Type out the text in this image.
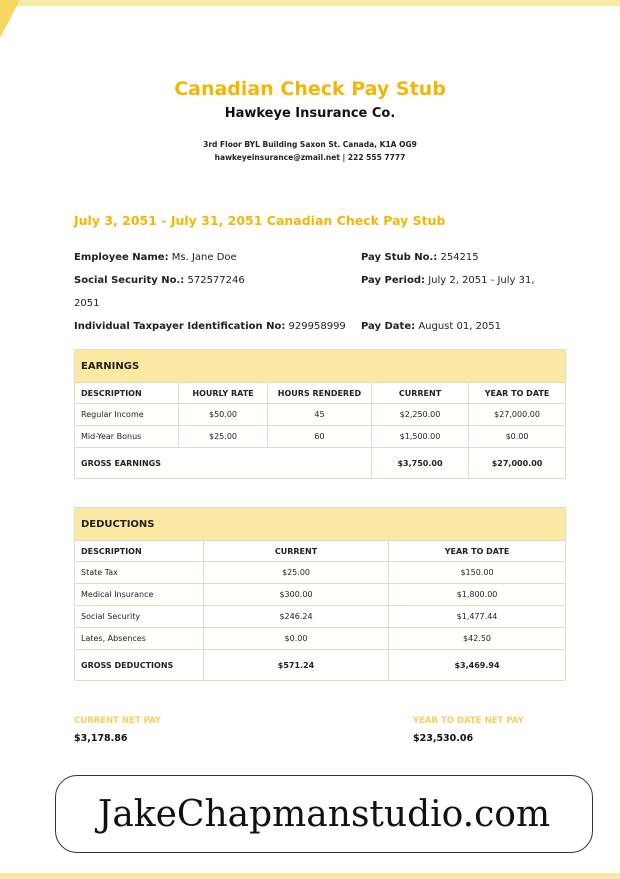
Canadian Check Pay Stub
Hawkeye Insurance Co.
3rd Floor BYL Building Saxon St. Canada, K1A OG9
hawkeyeinsurance@zmail.net | 222 555 7777
July 3, 2051 - July 31, 2051 Canadian Check Pay Stub
Employee Name: Ms. Jane Doe
Social Security No.: 572577246
2051
Individual Taxpayer Identification No: 929958999
Pay Stub No.: 254215
Pay Period: July 2, 2051 - July 31,
Pay Date: August 01, 2051
EARNINGS				
DESCRIPTION	HOURLY RATE	HOURS RENDERED	CURRENT	YEAR TO DATE
Regular Income	$50.00	45	$2,250.00	$27,000.00
Mid-Year Bonus	$25.00	60	$1,500.00	$0.00
GROSS EARNINGS			$3,750.00	$27,000.00
DEDUCTIONS		
DESCRIPTION	CURRENT	YEAR TO DATE
State Tax	$25.00	$150.00
Medical Insurance	$300.00	$1,800.00
Social Security	$246.24	$1,477.44
Lates, Absences	$0.00	$42.50
GROSS DEDUCTIONS	$571.24	$3,469.94
CURRENT NET PAY
$3,178.86
YEAR TO DATE NET PAY
$23,530.06
JakeChapmanstudio.com
